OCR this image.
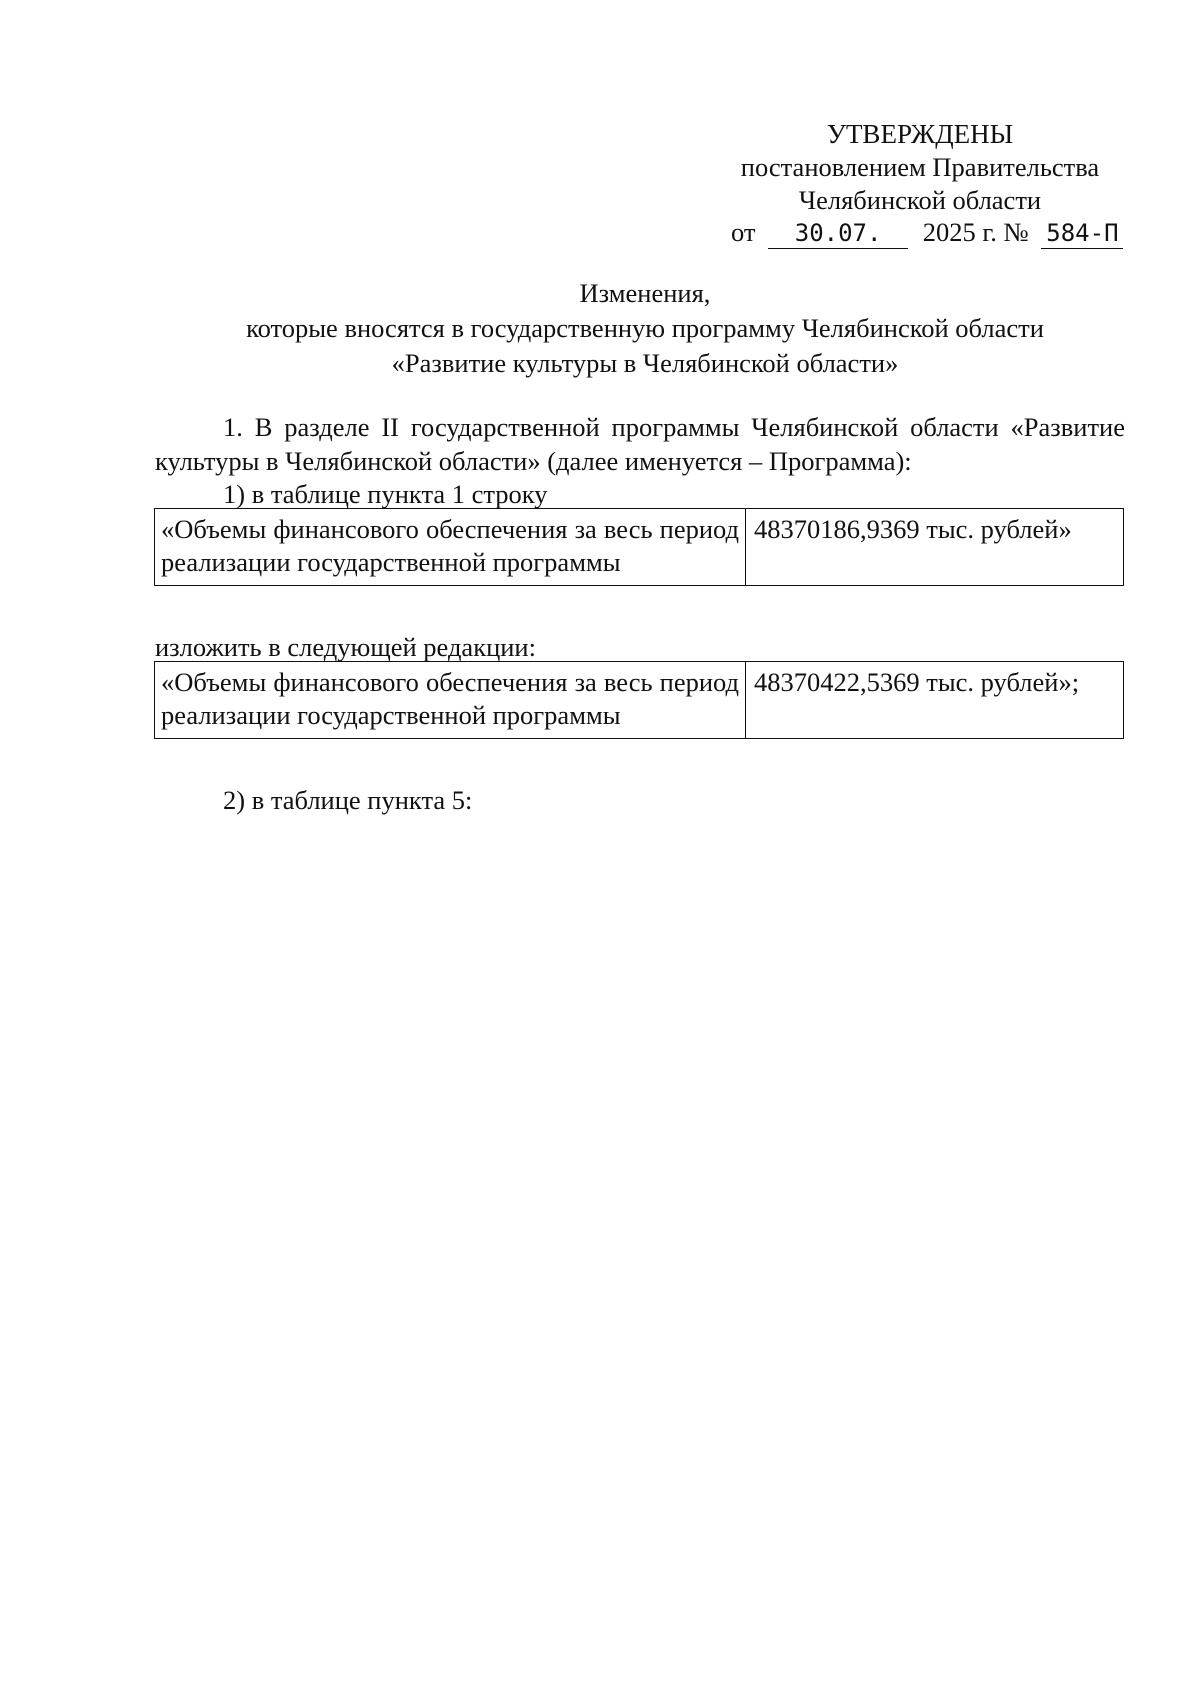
УТВЕРЖДЕНЫ
постановлением Правительства
Челябинской области
от 30.07. 2025 г. № 584-П
Изменения,
которые вносятся в государственную программу Челябинской области
«Развитие культуры в Челябинской области»
1. В разделе II государственной программы Челябинской области «Развитие культуры в Челябинской области» (далее именуется – Программа):
1) в таблице пункта 1 строку
«Объемы финансового обеспечения за весь период реализации государственной программы	48370186,9369 тыс. рублей»
изложить в следующей редакции:
«Объемы финансового обеспечения за весь период реализации государственной программы	48370422,5369 тыс. рублей»;
2) в таблице пункта 5:
